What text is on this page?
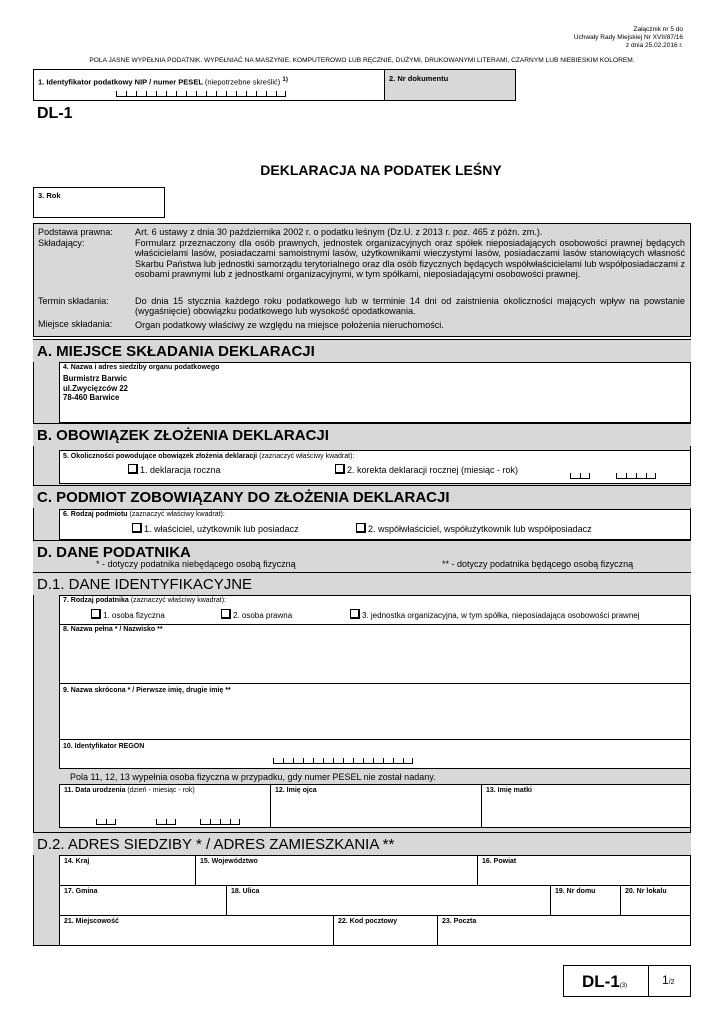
Załącznik nr 5 do
Uchwały Rady Miejskiej Nr XVII/87/16
z dnia 25.02.2016 r.
POLA JASNE WYPEŁNIA PODATNIK. WYPEŁNIAĆ NA MASZYNIE, KOMPUTEROWO LUB RĘCZNIE, DUŻYMI, DRUKOWANYMI LITERAMI, CZARNYM LUB NIEBIESKIM KOLOREM.
1. Identyfikator podatkowy NIP / numer PESEL (niepotrzebne skreślić) $^{1)}$	2. Nr dokumentu
DL-1
DEKLARACJA NA PODATEK LEŚNY
3. Rok
Podstawa prawna: Art. 6 ustawy z dnia 30 października 2002 r. o podatku leśnym (Dz.U. z 2013 r. poz. 465 z późn. zm.).
Składający:	Formularz przeznaczony dla osób prawnych, jednostek organizacyjnych oraz spółek nieposiadających osobowości prawnej będących właścicielami lasów, posiadaczami samoistnymi lasów, użytkownikami wieczystymi lasów, posiadaczami lasów stanowiących własność Skarbu Państwa lub jednostki samorządu terytorialnego oraz dla osób fizycznych będących współwłaścicielami lub współposiadaczami z osobami prawnymi lub z jednostkami organizacyjnymi, w tym spółkami, nieposiadającymi osobowości prawnej.

Termin składania:	Do dnia 15 stycznia każdego roku podatkowego lub w terminie 14 dni od zaistnienia okoliczności mających wpływ na powstanie (wygaśnięcie) obowiązku podatkowego lub wysokość opodatkowania.

Miejsce składania: Organ podatkowy właściwy ze względu na miejsce położenia nieruchomości.
A. MIEJSCE SKŁADANIA DEKLARACJI
4. Nazwa i adres siedziby organu podatkowego
Burmistrz Barwic
ul.Zwycięzców 22
78-460 Barwice
B. OBOWIĄZEK ZŁOŻENIA DEKLARACJI
5. Okoliczności powodujące obowiązek złożenia deklaracji (zaznaczyć właściwy kwadrat):
1. deklaracja roczna	2. korekta deklaracji rocznej (miesiąc - rok)
C. PODMIOT ZOBOWIĄZANY DO ZŁOŻENIA DEKLARACJI
6. Rodzaj podmiotu (zaznaczyć właściwy kwadrat):
1. właściciel, użytkownik lub posiadacz	2. współwłaściciel, współużytkownik lub współposiadacz
D. DANE PODATNIKA
* - dotyczy podatnika niebędącego osobą fizyczną	** - dotyczy podatnika będącego osobą fizyczną
D.1. DANE IDENTYFIKACYJNE
7. Rodzaj podatnika (zaznaczyć właściwy kwadrat):
1. osoba fizyczna	2. osoba prawna	3. jednostka organizacyjna, w tym spółka, nieposiadająca osobowości prawnej
8. Nazwa pełna * / Nazwisko **
9. Nazwa skrócona * / Pierwsze imię, drugie imię **
10. Identyfikator REGON
Pola 11, 12, 13 wypełnia osoba fizyczna w przypadku, gdy numer PESEL nie został nadany.
11. Data urodzenia (dzień - miesiąc - rok)	12. Imię ojca	13. Imię matki
D.2. ADRES SIEDZIBY * / ADRES ZAMIESZKANIA **
14. Kraj	15. Województwo	16. Powiat
17. Gmina	18. Ulica	19. Nr domu	20. Nr lokalu
21. Miejscowość	22. Kod pocztowy	23. Poczta
DL-1(3)	1/2
